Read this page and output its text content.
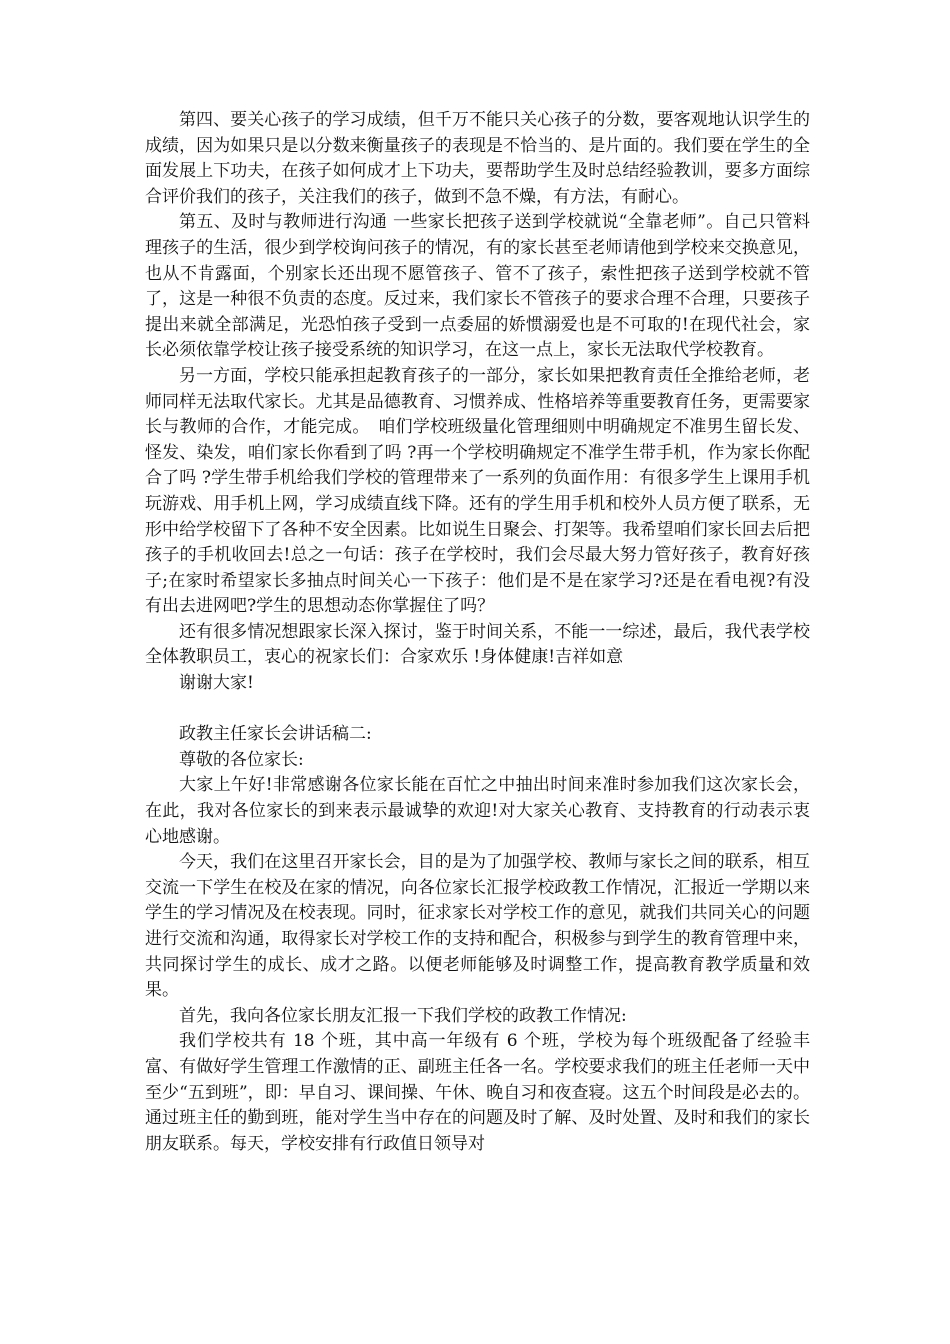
第四、要关心孩子的学习成绩，但千万不能只关心孩子的分数，要客观地认识学生的成绩，因为如果只是以分数来衡量孩子的表现是不恰当的、是片面的。我们要在学生的全面发展上下功夫，在孩子如何成才上下功夫，要帮助学生及时总结经验教训，要多方面综合评价我们的孩子，关注我们的孩子，做到不急不燥，有方法，有耐心。

第五、及时与教师进行沟通 一些家长把孩子送到学校就说“全靠老师”。自己只管料理孩子的生活，很少到学校询问孩子的情况，有的家长甚至老师请他到学校来交换意见，也从不肯露面，个别家长还出现不愿管孩子、管不了孩子，索性把孩子送到学校就不管了，这是一种很不负责的态度。反过来，我们家长不管孩子的要求合理不合理，只要孩子提出来就全部满足，光恐怕孩子受到一点委屈的娇惯溺爱也是不可取的!在现代社会，家长必须依靠学校让孩子接受系统的知识学习，在这一点上，家长无法取代学校教育。

另一方面，学校只能承担起教育孩子的一部分，家长如果把教育责任全推给老师，老师同样无法取代家长。尤其是品德教育、习惯养成、性格培养等重要教育任务，更需要家长与教师的合作，才能完成。　咱们学校班级量化管理细则中明确规定不准男生留长发、怪发、染发，咱们家长你看到了吗 ?再一个学校明确规定不准学生带手机，作为家长你配合了吗 ?学生带手机给我们学校的管理带来了一系列的负面作用：有很多学生上课用手机玩游戏、用手机上网，学习成绩直线下降。还有的学生用手机和校外人员方便了联系，无形中给学校留下了各种不安全因素。比如说生日聚会、打架等。我希望咱们家长回去后把孩子的手机收回去!总之一句话：孩子在学校时，我们会尽最大努力管好孩子，教育好孩子;在家时希望家长多抽点时间关心一下孩子：他们是不是在家学习?还是在看电视?有没有出去进网吧?学生的思想动态你掌握住了吗？

还有很多情况想跟家长深入探讨，鉴于时间关系，不能一一综述，最后，我代表学校全体教职员工，衷心的祝家长们：合家欢乐 !身体健康!吉祥如意

谢谢大家!

政教主任家长会讲话稿二:

尊敬的各位家长:

大家上午好!非常感谢各位家长能在百忙之中抽出时间来准时参加我们这次家长会，在此，我对各位家长的到来表示最诚挚的欢迎!对大家关心教育、支持教育的行动表示衷心地感谢。

今天，我们在这里召开家长会，目的是为了加强学校、教师与家长之间的联系，相互交流一下学生在校及在家的情况，向各位家长汇报学校政教工作情况，汇报近一学期以来学生的学习情况及在校表现。同时，征求家长对学校工作的意见，就我们共同关心的问题进行交流和沟通，取得家长对学校工作的支持和配合，积极参与到学生的教育管理中来，共同探讨学生的成长、成才之路。以便老师能够及时调整工作，提高教育教学质量和效果。

首先，我向各位家长朋友汇报一下我们学校的政教工作情况:

我们学校共有 18 个班，其中高一年级有 6 个班，学校为每个班级配备了经验丰富、有做好学生管理工作激情的正、副班主任各一名。学校要求我们的班主任老师一天中至少“五到班”，即：早自习、课间操、午休、晚自习和夜查寝。这五个时间段是必去的。通过班主任的勤到班，能对学生当中存在的问题及时了解、及时处置、及时和我们的家长朋友联系。每天，学校安排有行政值日领导对
